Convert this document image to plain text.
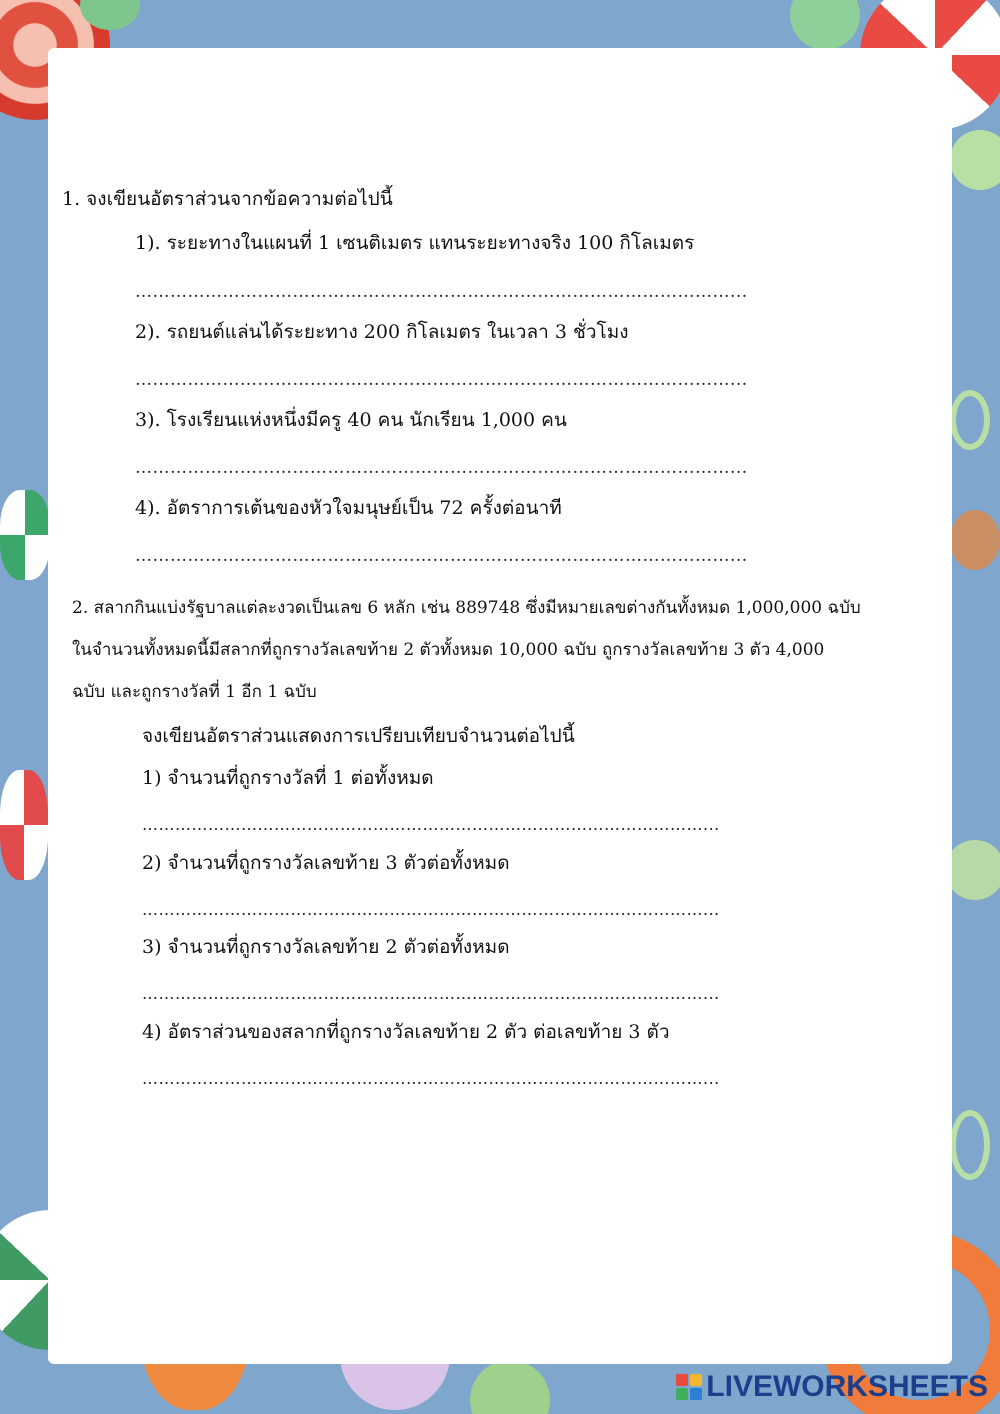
1. จงเขียนอัตราส่วนจากข้อความต่อไปนี้
1). ระยะทางในแผนที่ 1 เซนติเมตร แทนระยะทางจริง 100 กิโลเมตร
…………………………………………………………………………………………...
2). รถยนต์แล่นได้ระยะทาง 200 กิโลเมตร ในเวลา 3 ชั่วโมง
…………………………………………………………………………………………...
3). โรงเรียนแห่งหนึ่งมีครู 40 คน นักเรียน 1,000 คน
…………………………………………………………………………………………...
4). อัตราการเต้นของหัวใจมนุษย์เป็น 72 ครั้งต่อนาที
…………………………………………………………………………………………...
2. สลากกินแบ่งรัฐบาลแต่ละงวดเป็นเลข 6 หลัก เช่น 889748 ซึ่งมีหมายเลขต่างกันทั้งหมด 1,000,000 ฉบับ
ในจำนวนทั้งหมดนี้มีสลากที่ถูกรางวัลเลขท้าย 2 ตัวทั้งหมด 10,000 ฉบับ ถูกรางวัลเลขท้าย 3 ตัว 4,000
ฉบับ และถูกรางวัลที่ 1 อีก 1 ฉบับ
จงเขียนอัตราส่วนแสดงการเปรียบเทียบจำนวนต่อไปนี้
1) จำนวนที่ถูกรางวัลที่ 1 ต่อทั้งหมด
…………………………………………………………………………………………...
2) จำนวนที่ถูกรางวัลเลขท้าย 3 ตัวต่อทั้งหมด
…………………………………………………………………………………………...
3) จำนวนที่ถูกรางวัลเลขท้าย 2 ตัวต่อทั้งหมด
…………………………………………………………………………………………...
4) อัตราส่วนของสลากที่ถูกรางวัลเลขท้าย 2 ตัว ต่อเลขท้าย 3 ตัว
…………………………………………………………………………………………...
LIVEWORKSHEETS
